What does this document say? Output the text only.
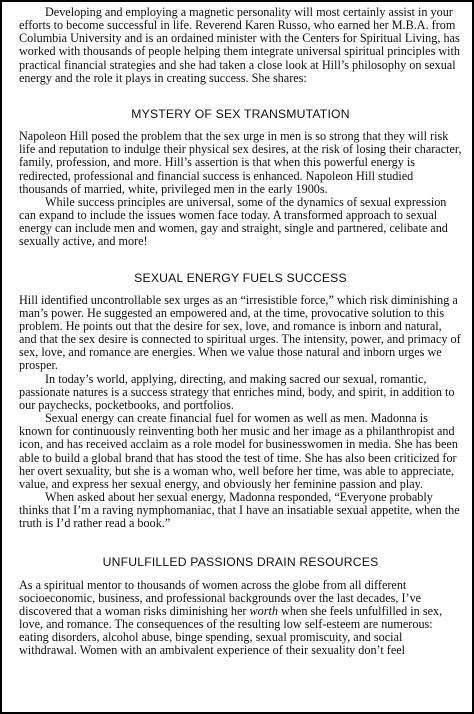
Developing and employing a magnetic personality will most certainly assist in your efforts to become successful in life. Reverend Karen Russo, who earned her M.B.A. from Columbia University and is an ordained minister with the Centers for Spiritual Living, has worked with thousands of people helping them integrate universal spiritual principles with practical financial strategies and she had taken a close look at Hill’s philosophy on sexual energy and the role it plays in creating success. She shares:

MYSTERY OF SEX TRANSMUTATION

Napoleon Hill posed the problem that the sex urge in men is so strong that they will risk life and reputation to indulge their physical sex desires, at the risk of losing their character, family, profession, and more. Hill’s assertion is that when this powerful energy is redirected, professional and financial success is enhanced. Napoleon Hill studied thousands of married, white, privileged men in the early 1900s.

While success principles are universal, some of the dynamics of sexual expression can expand to include the issues women face today. A transformed approach to sexual energy can include men and women, gay and straight, single and partnered, celibate and sexually active, and more!

SEXUAL ENERGY FUELS SUCCESS

Hill identified uncontrollable sex urges as an “irresistible force,” which risk diminishing a man’s power. He suggested an empowered and, at the time, provocative solution to this problem. He points out that the desire for sex, love, and romance is inborn and natural, and that the sex desire is connected to spiritual urges. The intensity, power, and primacy of sex, love, and romance are energies. When we value those natural and inborn urges we prosper.

In today’s world, applying, directing, and making sacred our sexual, romantic, passionate natures is a success strategy that enriches mind, body, and spirit, in addition to our paychecks, pocketbooks, and portfolios.

Sexual energy can create financial fuel for women as well as men. Madonna is known for continuously reinventing both her music and her image as a philanthropist and icon, and has received acclaim as a role model for businesswomen in media. She has been able to build a global brand that has stood the test of time. She has also been criticized for her overt sexuality, but she is a woman who, well before her time, was able to appreciate, value, and express her sexual energy, and obviously her feminine passion and play.

When asked about her sexual energy, Madonna responded, “Everyone probably thinks that I’m a raving nymphomaniac, that I have an insatiable sexual appetite, when the truth is I’d rather read a book.”

UNFULFILLED PASSIONS DRAIN RESOURCES

As a spiritual mentor to thousands of women across the globe from all different socioeconomic, business, and professional backgrounds over the last decades, I’ve discovered that a woman risks diminishing her worth when she feels unfulfilled in sex, love, and romance. The consequences of the resulting low self-esteem are numerous: eating disorders, alcohol abuse, binge spending, sexual promiscuity, and social withdrawal. Women with an ambivalent experience of their sexuality don’t feel
